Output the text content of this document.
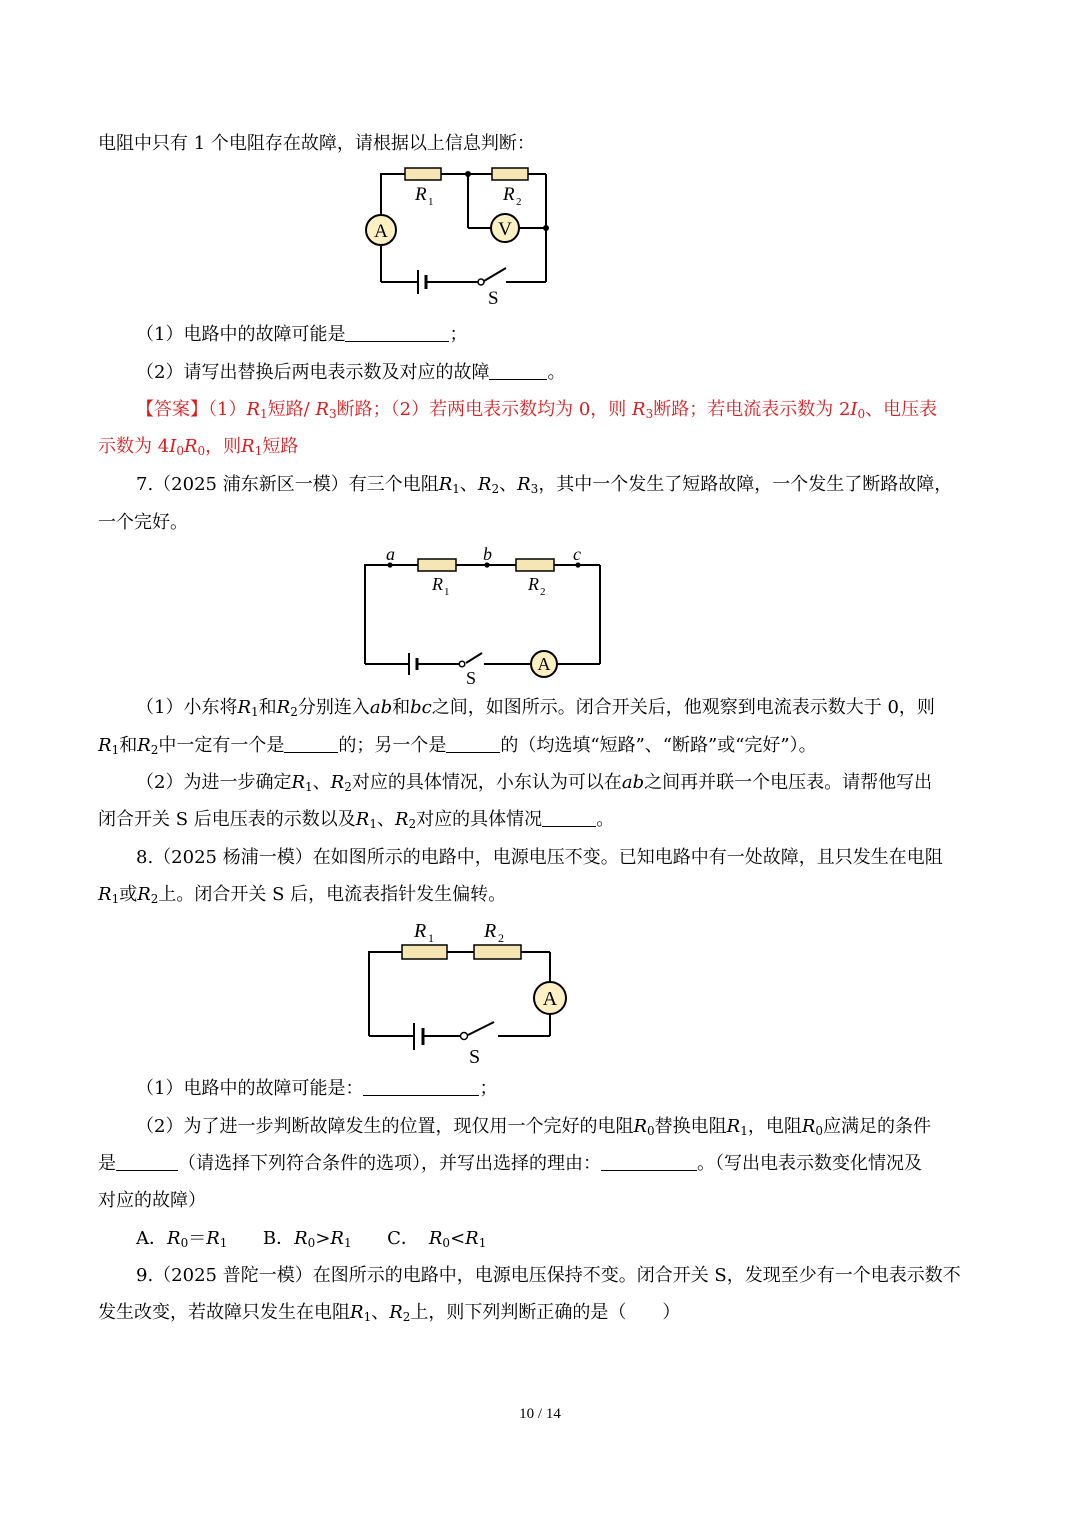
电阻中只有 1 个电阻存在故障，请根据以上信息判断：
A	V
R 1	R 2
S
（1）电路中的故障可能是	；
（2）请写出替换后两电表示数及对应的故障	。
【答案】$(1)R_1$短路/ $R_3$断路；（2）若两电表示数均为 0，则 $R_3$断路；若电流表示数为 $2I_0$、电压表
示数为 $4I_0R_0$，则$R_1$短路
7.（2025 浦东新区一模）有三个电阻$R_1$、$R_2$、$R_3$，其中一个发生了短路故障，一个发生了断路故障，
一个完好。
A
a	b	c
R 1	R 2
S
（1）小东将$R_1$和$R_2$分别连入ab和bc之间，如图所示。闭合开关后，他观察到电流表示数大于 0，则
$R_1$和$R_2$中一定有一个是	的；另一个是	的（均选填“短路”、“断路”或“完好”）。
（2）为进一步确定$R_1$、$R_2$对应的具体情况，小东认为可以在ab之间再并联一个电压表。请帮他写出
闭合开关 S 后电压表的示数以及$R_1$、$R_2$对应的具体情况	。
8.（2025 杨浦一模）在如图所示的电路中，电源电压不变。已知电路中有一处故障，且只发生在电阻
$R_1$或$R_2$上。闭合开关 S 后，电流表指针发生偏转。
A
R 1	R 2
S
（1）电路中的故障可能是：	；
（2）为了进一步判断故障发生的位置，现仅用一个完好的电阻$R_0$替换电阻$R_1$，电阻$R_0$应满足的条件
是	（请选择下列符合条件的选项），并写出选择的理由：	。（写出电表示数变化情况及
对应的故障）
A．$R_0=R_1$ B．$R_0>R_1$ C． $R_0<R_1$
9.（2025 普陀一模）在图所示的电路中，电源电压保持不变。闭合开关 S，发现至少有一个电表示数不
发生改变，若故障只发生在电阻$R_1$、$R_2$上，则下列判断正确的是（　　）
10 / 14
